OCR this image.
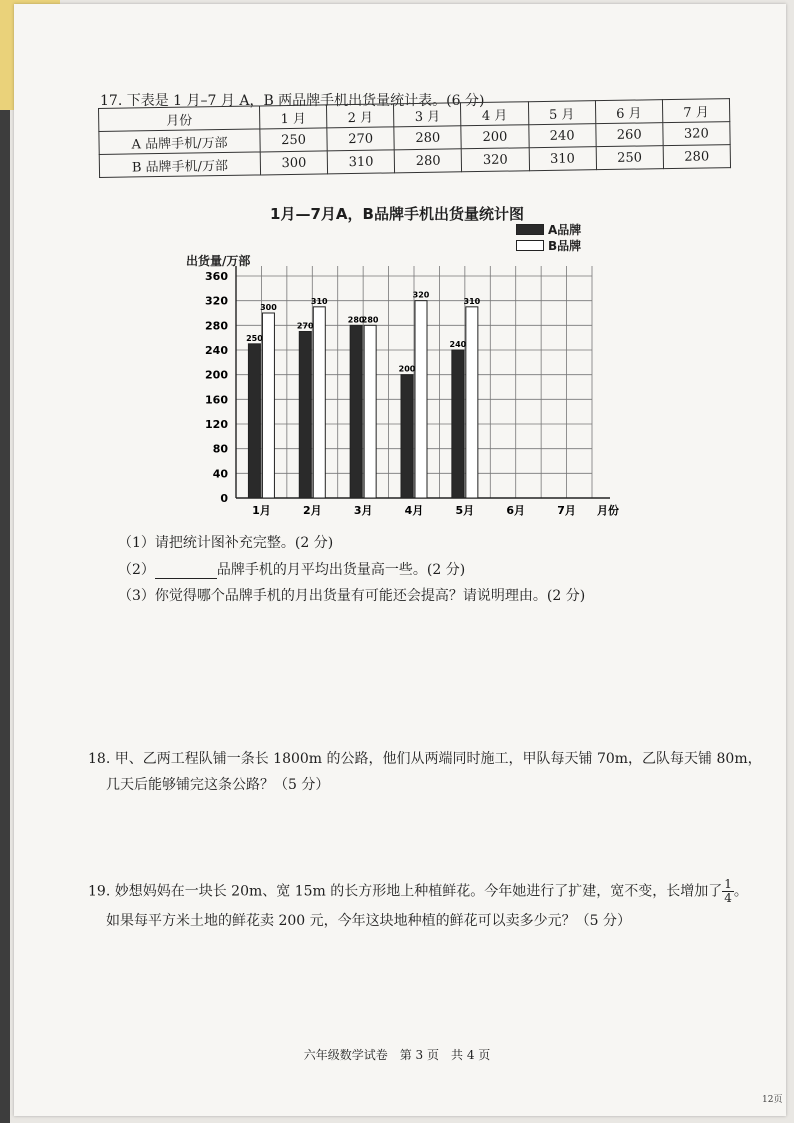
17. 下表是 1 月–7 月 A，B 两品牌手机出货量统计表。(6 分)
月份	1 月	2 月	3 月	4 月	5 月	6 月	7 月
A 品牌手机/万部	250	270	280	200	240	260	320
B 品牌手机/万部	300	310	280	320	310	250	280
1月—7月A，B品牌手机出货量统计图
A品牌
B品牌
出货量/万部
0
40
80
120
160
200
240
280
320
360
1月
250
300
2月
270
310
3月
280
280
4月
200
320
5月
240
310
6月	7月 月份
（1）请把统计图补充完整。(2 分)
（2）	品牌手机的月平均出货量高一些。(2 分)
（3）你觉得哪个品牌手机的月出货量有可能还会提高？请说明理由。(2 分)
18. 甲、乙两工程队铺一条长 1800m 的公路，他们从两端同时施工，甲队每天铺 70m，乙队每天铺 80m，
几天后能够铺完这条公路？（5 分）
19. 妙想妈妈在一块长 20m、宽 15m 的长方形地上种植鲜花。今年她进行了扩建，宽不变，长增加了 $\frac{1}{4}$ 。
如果每平方米土地的鲜花卖 200 元，今年这块地种植的鲜花可以卖多少元？（5 分）
六年级数学试卷　第 3 页　共 4 页
12页
